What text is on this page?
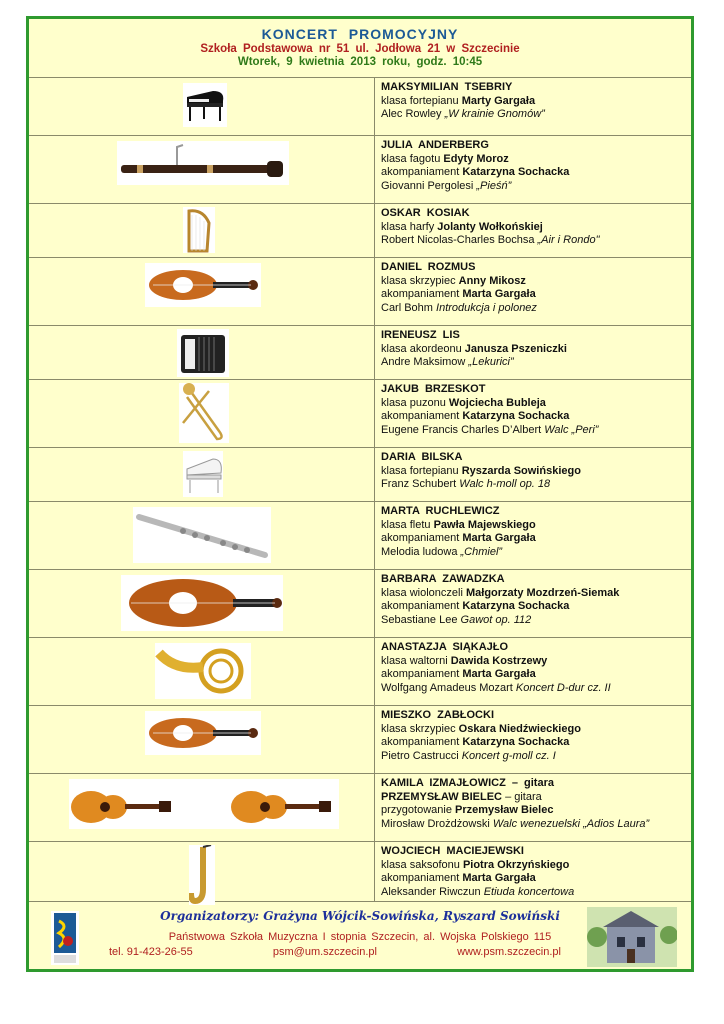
KONCERT PROMOCYJNY
Szkoła Podstawowa nr 51 ul. Jodłowa 21 w Szczecinie
Wtorek, 9 kwietnia 2013 roku, godz. 10:45
MAKSYMILIAN TSEBRIY
klasa fortepianu Marty Gargała
Alec Rowley „W krainie Gnomów”
JULIA ANDERBERG
klasa fagotu Edyty Moroz
akompaniament Katarzyna Sochacka
Giovanni Pergolesi „Pieśń”
OSKAR KOSIAK
klasa harfy Jolanty Wołkońskiej
Robert Nicolas-Charles Bochsa „Air i Rondo"
DANIEL ROZMUS
klasa skrzypiec Anny Mikosz
akompaniament Marta Gargała
Carl Bohm Introdukcja i polonez
IRENEUSZ LIS
klasa akordeonu Janusza Pszeniczki
Andre Maksimow „Lekurici”
JAKUB BRZESKOT
klasa puzonu Wojciecha Bubleja
akompaniament Katarzyna Sochacka
Eugene Francis Charles D’Albert Walc „Peri”
DARIA BILSKA
klasa fortepianu Ryszarda Sowińskiego
Franz Schubert Walc h-moll op. 18
MARTA RUCHLEWICZ
klasa fletu Pawła Majewskiego
akompaniament Marta Gargała
Melodia ludowa „Chmiel”
BARBARA ZAWADZKA
klasa wiolonczeli Małgorzaty Mozdrzeń-Siemak
akompaniament Katarzyna Sochacka
Sebastiane Lee Gawot op. 112
ANASTAZJA SIĄKAJŁO
klasa waltorni Dawida Kostrzewy
akompaniament Marta Gargała
Wolfgang Amadeus Mozart Koncert D-dur cz. II
MIESZKO ZABŁOCKI
klasa skrzypiec Oskara Niedźwieckiego
akompaniament Katarzyna Sochacka
Pietro Castrucci Koncert g-moll cz. I
KAMILA IZMAJŁOWICZ – gitara
PRZEMYSŁAW BIELEC – gitara
przygotowanie Przemysław Bielec
Mirosław Drożdżowski Walc wenezuelski „Adios Laura”
WOJCIECH MACIEJEWSKI
klasa saksofonu Piotra Okrzyńskiego
akompaniament Marta Gargała
Aleksander Riwczun Etiuda koncertowa
Organizatorzy: Grażyna Wójcik-Sowińska, Ryszard Sowiński
Państwowa Szkoła Muzyczna I stopnia Szczecin, al. Wojska Polskiego 115
tel. 91-423-26-55	psm@um.szczecin.pl	www.psm.szczecin.pl
